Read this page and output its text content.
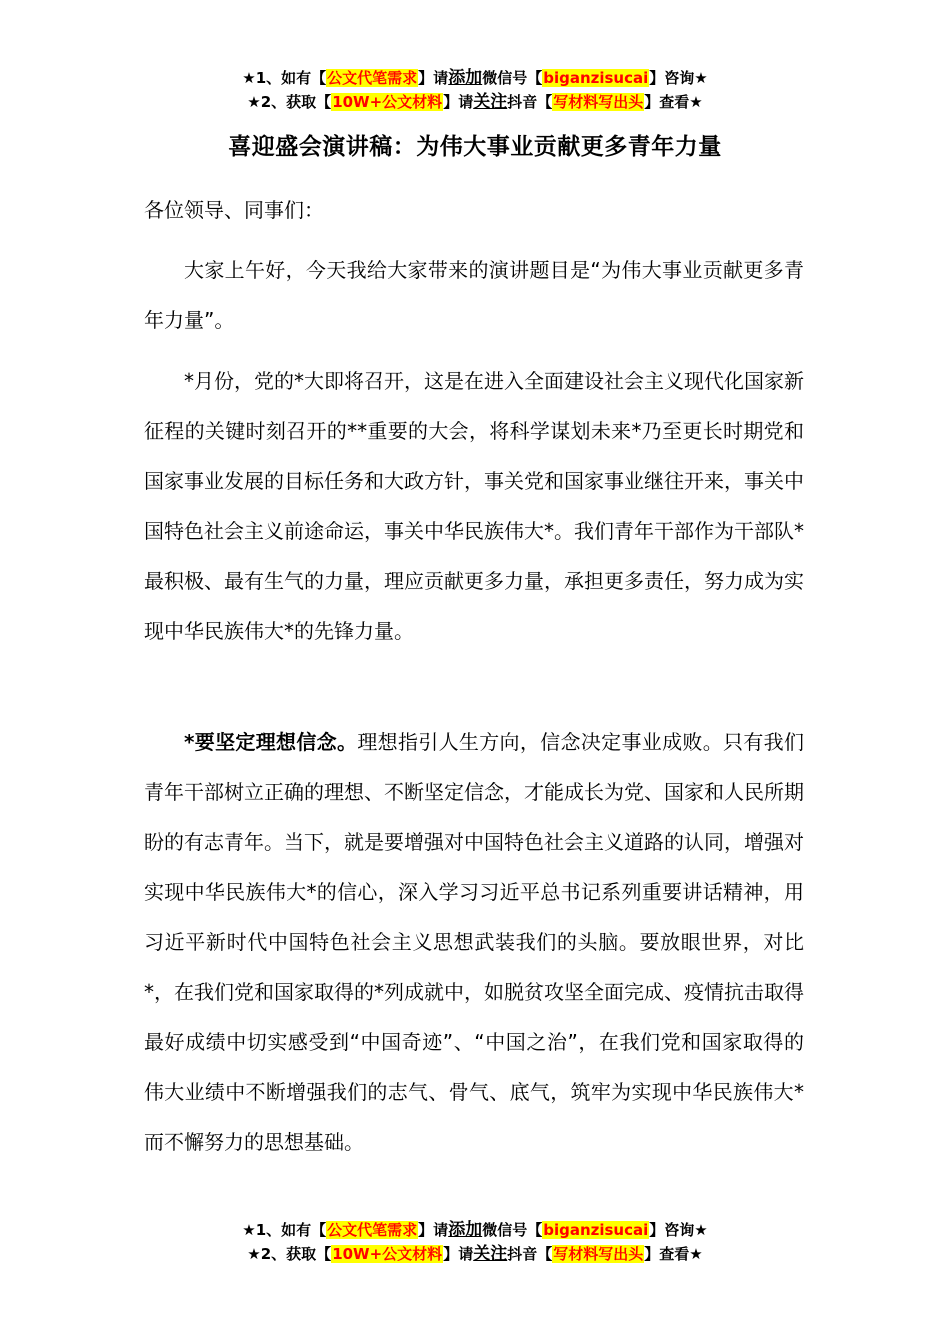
★1、如有【公文代笔需求】请添加微信号【biganzisucai】咨询★
★2、获取【10W+公文材料】请关注抖音【写材料写出头】查看★
喜迎盛会演讲稿：为伟大事业贡献更多青年力量
各位领导、同事们：

大家上午好，今天我给大家带来的演讲题目是“为伟大事业贡献更多青年力量”。

*月份，党的*大即将召开，这是在进入全面建设社会主义现代化国家新征程的关键时刻召开的**重要的大会，将科学谋划未来*乃至更长时期党和国家事业发展的目标任务和大政方针，事关党和国家事业继往开来，事关中国特色社会主义前途命运，事关中华民族伟大*。我们青年干部作为干部队*最积极、最有生气的力量，理应贡献更多力量，承担更多责任，努力成为实现中华民族伟大*的先锋力量。

*要坚定理想信念。理想指引人生方向，信念决定事业成败。只有我们青年干部树立正确的理想、不断坚定信念，才能成长为党、国家和人民所期盼的有志青年。当下，就是要增强对中国特色社会主义道路的认同，增强对实现中华民族伟大*的信心，深入学习习近平总书记系列重要讲话精神，用习近平新时代中国特色社会主义思想武装我们的头脑。要放眼世界，对比*，在我们党和国家取得的*列成就中，如脱贫攻坚全面完成、疫情抗击取得最好成绩中切实感受到“中国奇迹”、“中国之治”，在我们党和国家取得的伟大业绩中不断增强我们的志气、骨气、底气，筑牢为实现中华民族伟大*而不懈努力的思想基础。

★1、如有【公文代笔需求】请添加微信号【biganzisucai】咨询★
★2、获取【10W+公文材料】请关注抖音【写材料写出头】查看★
